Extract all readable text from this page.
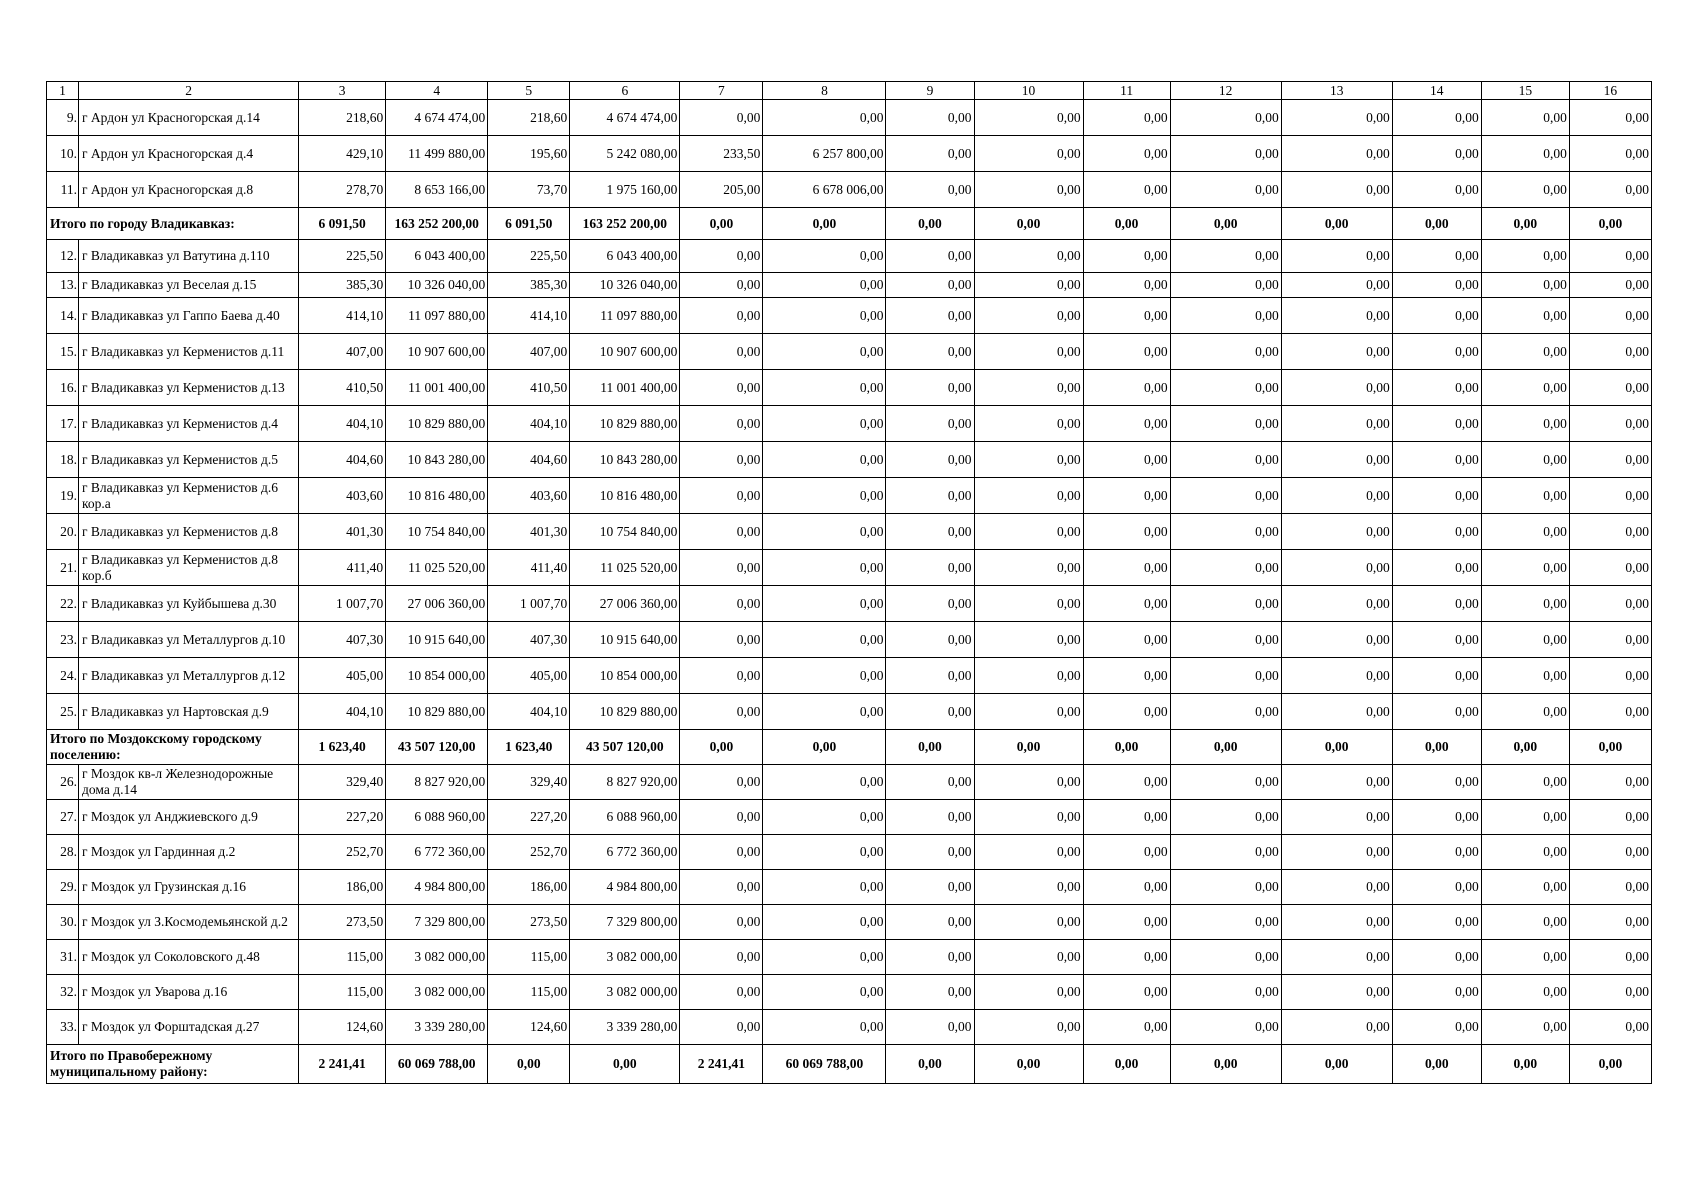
1	2	3	4	5	6	7	8	9	10	11	12	13	14	15	16
9.	г Ардон ул Красногорская д.14	218,60	4 674 474,00	218,60	4 674 474,00	0,00	0,00	0,00	0,00	0,00	0,00	0,00	0,00	0,00	0,00
10.	г Ардон ул Красногорская д.4	429,10	11 499 880,00	195,60	5 242 080,00	233,50	6 257 800,00	0,00	0,00	0,00	0,00	0,00	0,00	0,00	0,00
11.	г Ардон ул Красногорская д.8	278,70	8 653 166,00	73,70	1 975 160,00	205,00	6 678 006,00	0,00	0,00	0,00	0,00	0,00	0,00	0,00	0,00
Итого по городу Владикавказ:		6 091,50	163 252 200,00	6 091,50	163 252 200,00	0,00	0,00	0,00	0,00	0,00	0,00	0,00	0,00	0,00	0,00
12.	г Владикавказ ул Ватутина д.110	225,50	6 043 400,00	225,50	6 043 400,00	0,00	0,00	0,00	0,00	0,00	0,00	0,00	0,00	0,00	0,00
13.	г Владикавказ ул Веселая д.15	385,30	10 326 040,00	385,30	10 326 040,00	0,00	0,00	0,00	0,00	0,00	0,00	0,00	0,00	0,00	0,00
14.	г Владикавказ ул Гаппо Баева д.40	414,10	11 097 880,00	414,10	11 097 880,00	0,00	0,00	0,00	0,00	0,00	0,00	0,00	0,00	0,00	0,00
15.	г Владикавказ ул Керменистов д.11	407,00	10 907 600,00	407,00	10 907 600,00	0,00	0,00	0,00	0,00	0,00	0,00	0,00	0,00	0,00	0,00
16.	г Владикавказ ул Керменистов д.13	410,50	11 001 400,00	410,50	11 001 400,00	0,00	0,00	0,00	0,00	0,00	0,00	0,00	0,00	0,00	0,00
17.	г Владикавказ ул Керменистов д.4	404,10	10 829 880,00	404,10	10 829 880,00	0,00	0,00	0,00	0,00	0,00	0,00	0,00	0,00	0,00	0,00
18.	г Владикавказ ул Керменистов д.5	404,60	10 843 280,00	404,60	10 843 280,00	0,00	0,00	0,00	0,00	0,00	0,00	0,00	0,00	0,00	0,00
19.	г Владикавказ ул Керменистов д.6 кор.а	403,60	10 816 480,00	403,60	10 816 480,00	0,00	0,00	0,00	0,00	0,00	0,00	0,00	0,00	0,00	0,00
20.	г Владикавказ ул Керменистов д.8	401,30	10 754 840,00	401,30	10 754 840,00	0,00	0,00	0,00	0,00	0,00	0,00	0,00	0,00	0,00	0,00
21.	г Владикавказ ул Керменистов д.8 кор.б	411,40	11 025 520,00	411,40	11 025 520,00	0,00	0,00	0,00	0,00	0,00	0,00	0,00	0,00	0,00	0,00
22.	г Владикавказ ул Куйбышева д.30	1 007,70	27 006 360,00	1 007,70	27 006 360,00	0,00	0,00	0,00	0,00	0,00	0,00	0,00	0,00	0,00	0,00
23.	г Владикавказ ул Металлургов д.10	407,30	10 915 640,00	407,30	10 915 640,00	0,00	0,00	0,00	0,00	0,00	0,00	0,00	0,00	0,00	0,00
24.	г Владикавказ ул Металлургов д.12	405,00	10 854 000,00	405,00	10 854 000,00	0,00	0,00	0,00	0,00	0,00	0,00	0,00	0,00	0,00	0,00
25.	г Владикавказ ул Нартовская д.9	404,10	10 829 880,00	404,10	10 829 880,00	0,00	0,00	0,00	0,00	0,00	0,00	0,00	0,00	0,00	0,00
Итого по Моздокскому городскому поселению:		1 623,40	43 507 120,00	1 623,40	43 507 120,00	0,00	0,00	0,00	0,00	0,00	0,00	0,00	0,00	0,00	0,00
26.	г Моздок кв-л Железнодорожные дома д.14	329,40	8 827 920,00	329,40	8 827 920,00	0,00	0,00	0,00	0,00	0,00	0,00	0,00	0,00	0,00	0,00
27.	г Моздок ул Анджиевского д.9	227,20	6 088 960,00	227,20	6 088 960,00	0,00	0,00	0,00	0,00	0,00	0,00	0,00	0,00	0,00	0,00
28.	г Моздок ул Гардинная д.2	252,70	6 772 360,00	252,70	6 772 360,00	0,00	0,00	0,00	0,00	0,00	0,00	0,00	0,00	0,00	0,00
29.	г Моздок ул Грузинская д.16	186,00	4 984 800,00	186,00	4 984 800,00	0,00	0,00	0,00	0,00	0,00	0,00	0,00	0,00	0,00	0,00
30.	г Моздок ул З.Космодемьянской д.2	273,50	7 329 800,00	273,50	7 329 800,00	0,00	0,00	0,00	0,00	0,00	0,00	0,00	0,00	0,00	0,00
31.	г Моздок ул Соколовского д.48	115,00	3 082 000,00	115,00	3 082 000,00	0,00	0,00	0,00	0,00	0,00	0,00	0,00	0,00	0,00	0,00
32.	г Моздок ул Уварова д.16	115,00	3 082 000,00	115,00	3 082 000,00	0,00	0,00	0,00	0,00	0,00	0,00	0,00	0,00	0,00	0,00
33.	г Моздок ул Форштадская д.27	124,60	3 339 280,00	124,60	3 339 280,00	0,00	0,00	0,00	0,00	0,00	0,00	0,00	0,00	0,00	0,00
Итого по Правобережному муниципальному району:		2 241,41	60 069 788,00	0,00	0,00	2 241,41	60 069 788,00	0,00	0,00	0,00	0,00	0,00	0,00	0,00	0,00
